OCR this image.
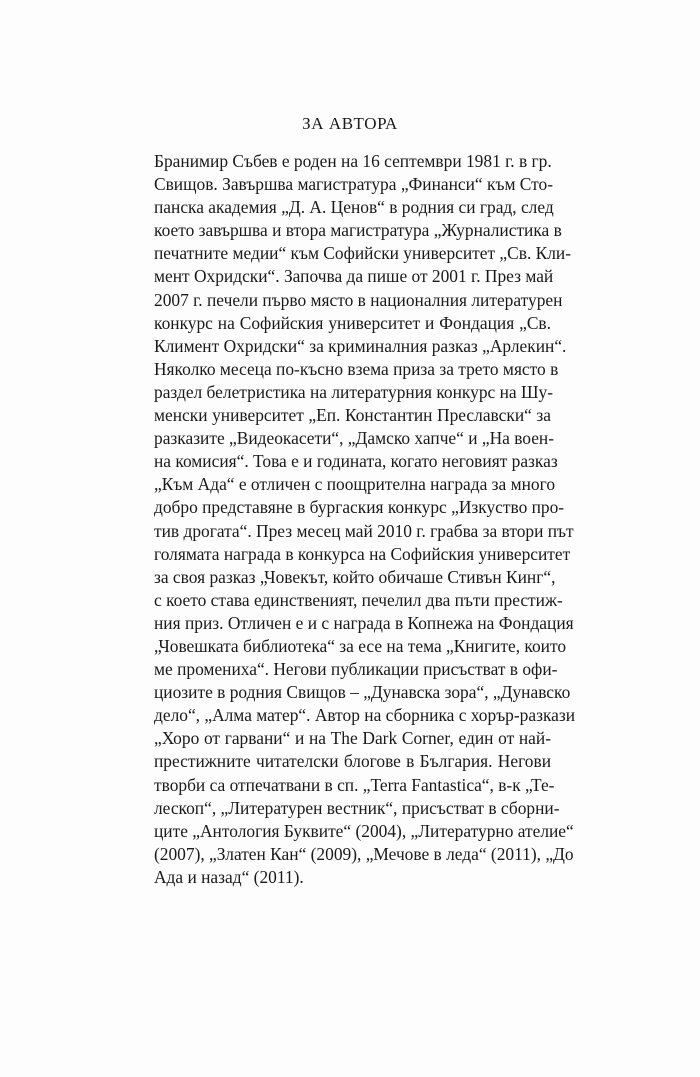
ЗА АВТОРА
Бранимир Събев е роден на 16 септември 1981 г. в гр.
Свищов. Завършва магистратура „Финанси“ към Сто-
панска академия „Д. А. Ценов“ в родния си град, след
което завършва и втора магистратура „Журналистика в
печатните медии“ към Софийски университет „Св. Кли-
мент Охридски“. Започва да пише от 2001 г. През май
2007 г. печели първо място в националния литературен
конкурс на Софийския университет и Фондация „Св.
Климент Охридски“ за криминалния разказ „Арлекин“.
Няколко месеца по-късно взема приза за трето място в
раздел белетристика на литературния конкурс на Шу-
менски университет „Еп. Константин Преславски“ за
разказите „Видеокасети“, „Дамско хапче“ и „На воен-
на комисия“. Това е и годината, когато неговият разказ
„Към Ада“ е отличен с поощрителна награда за много
добро представяне в бургаския конкурс „Изкуство про-
тив дрогата“. През месец май 2010 г. грабва за втори път
голямата награда в конкурса на Софийския университет
за своя разказ „Човекът, който обичаше Стивън Кинг“,
с което става единственият, печелил два пъти престиж-
ния приз. Отличен е и с награда в Копнежа на Фондация
„Човешката библиотека“ за есе на тема „Книгите, които
ме промениха“. Негови публикации присъстват в офи-
циозите в родния Свищов – „Дунавска зора“, „Дунавско
дело“, „Алма матер“. Автор на сборника с хорър-разкази
„Хоро от гарвани“ и на The Dark Corner, един от най-
престижните читателски блогове в България. Негови
творби са отпечатвани в сп. „Terra Fantastica“, в-к „Те-
лескоп“, „Литературен вестник“, присъстват в сборни-
ците „Антология Буквите“ (2004), „Литературно ателие“
(2007), „Златен Кан“ (2009), „Мечове в леда“ (2011), „До
Ада и назад“ (2011).
